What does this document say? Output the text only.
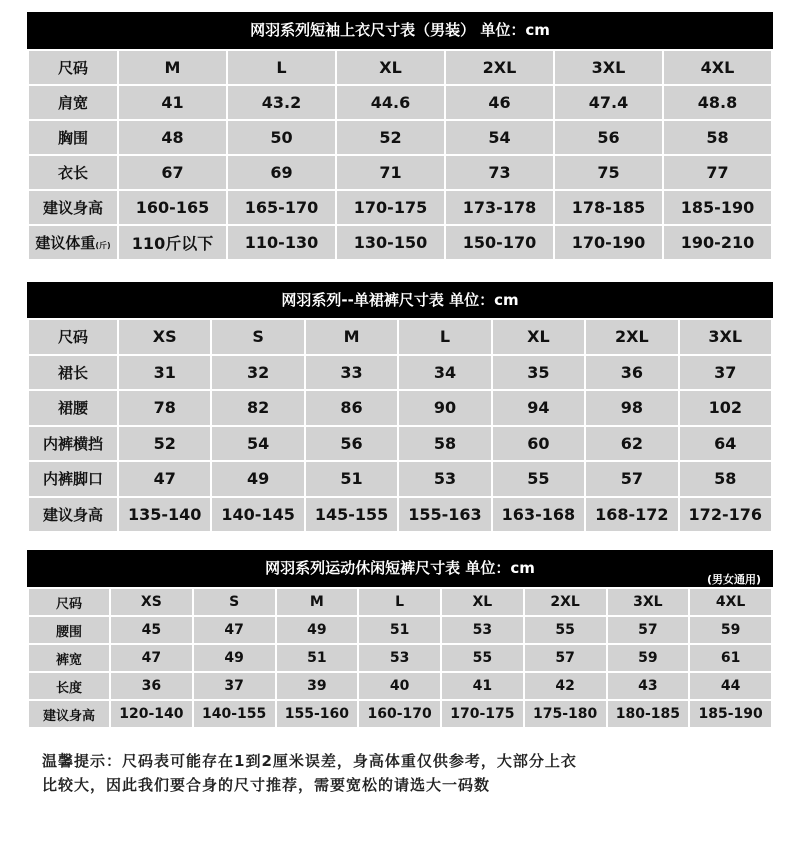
网羽系列短袖上衣尺寸表（男装） 单位：cm
尺码	M	L	XL	2XL	3XL	4XL
肩宽	41	43.2	44.6	46	47.4	48.8
胸围	48	50	52	54	56	58
衣长	67	69	71	73	75	77
建议身高	160-165	165-170	170-175	173-178	178-185	185-190
建议体重(斤)	110斤以下	110-130	130-150	150-170	170-190	190-210
网羽系列--单裙裤尺寸表 单位：cm
尺码	XS	S	M	L	XL	2XL	3XL
裙长	31	32	33	34	35	36	37
裙腰	78	82	86	90	94	98	102
内裤横挡	52	54	56	58	60	62	64
内裤脚口	47	49	51	53	55	57	58
建议身高	135-140	140-145	145-155	155-163	163-168	168-172	172-176
网羽系列运动休闲短裤尺寸表 单位：cm
(男女通用)
尺码	XS	S	M	L	XL	2XL	3XL	4XL
腰围	45	47	49	51	53	55	57	59
裤宽	47	49	51	53	55	57	59	61
长度	36	37	39	40	41	42	43	44
建议身高	120-140	140-155	155-160	160-170	170-175	175-180	180-185	185-190
温馨提示：尺码表可能存在1到2厘米误差，身高体重仅供参考，大部分上衣
比较大，因此我们要合身的尺寸推荐，需要宽松的请选大一码数
